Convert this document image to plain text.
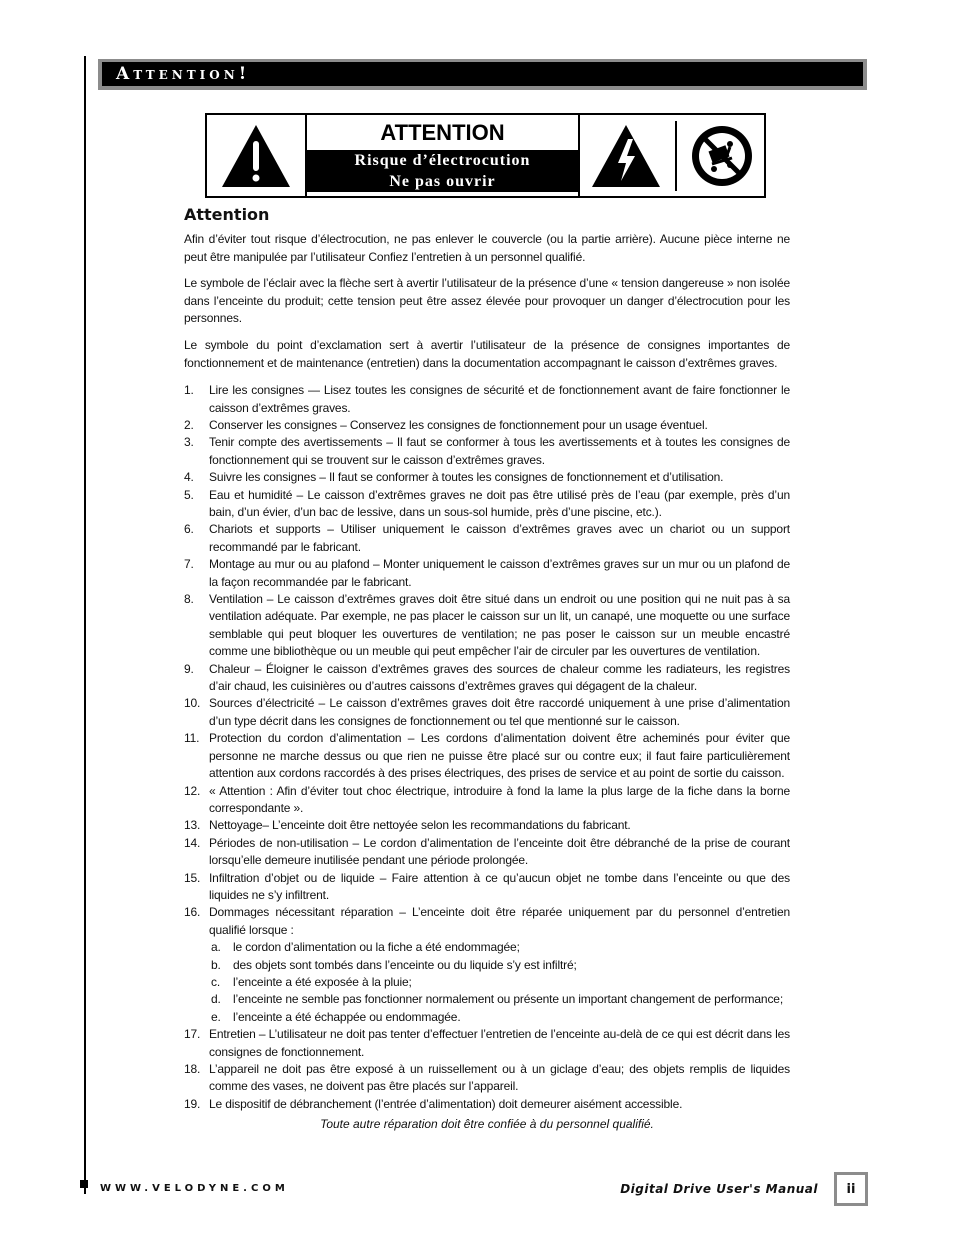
Attention!
ATTENTION
Risque d’électrocution
Ne pas ouvrir
Attention

Afin d’éviter tout risque d’électrocution, ne pas enlever le couvercle (ou la partie arrière). Aucune pièce interne ne peut être manipulée par l’utilisateur Confiez l’entretien à un personnel qualifié.

Le symbole de l’éclair avec la flèche sert à avertir l’utilisateur de la présence d’une « tension dangereuse » non isolée dans l’enceinte du produit; cette tension peut être assez élevée pour provoquer un danger d’électrocution pour les personnes.

Le symbole du point d’exclamation sert à avertir l’utilisateur de la présence de consignes importantes de fonctionnement et de maintenance (entretien) dans la documentation accompagnant le caisson d’extrêmes graves.

1.	Lire les consignes — Lisez toutes les consignes de sécurité et de fonctionnement avant de faire fonctionner le caisson d’extrêmes graves.
2.	Conserver les consignes – Conservez les consignes de fonctionnement pour un usage éventuel.
3.	Tenir compte des avertissements – Il faut se conformer à tous les avertissements et à toutes les consignes de fonctionnement qui se trouvent sur le caisson d’extrêmes graves.
4.	Suivre les consignes – Il faut se conformer à toutes les consignes de fonctionnement et d’utilisation.
5.	Eau et humidité – Le caisson d’extrêmes graves ne doit pas être utilisé près de l’eau (par exemple, près d’un bain, d’un évier, d’un bac de lessive, dans un sous-sol humide, près d’une piscine, etc.).
6.	Chariots et supports – Utiliser uniquement le caisson d’extrêmes graves avec un chariot ou un support recommandé par le fabricant.
7.	Montage au mur ou au plafond – Monter uniquement le caisson d’extrêmes graves sur un mur ou un plafond de la façon recommandée par le fabricant.
8.	Ventilation – Le caisson d’extrêmes graves doit être situé dans un endroit ou une position qui ne nuit pas à sa ventilation adéquate. Par exemple, ne pas placer le caisson sur un lit, un canapé, une moquette ou une surface semblable qui peut bloquer les ouvertures de ventilation; ne pas poser le caisson sur un meuble encastré comme une bibliothèque ou un meuble qui peut empêcher l’air de circuler par les ouvertures de ventilation.
9.	Chaleur – Éloigner le caisson d’extrêmes graves des sources de chaleur comme les radiateurs, les registres d’air chaud, les cuisinières ou d’autres caissons d’extrêmes graves qui dégagent de la chaleur.
10. Sources d’électricité – Le caisson d’extrêmes graves doit être raccordé uniquement à une prise d’alimentation d’un type décrit dans les consignes de fonctionnement ou tel que mentionné sur le caisson.
11. Protection du cordon d’alimentation – Les cordons d’alimentation doivent être acheminés pour éviter que personne ne marche dessus ou que rien ne puisse être placé sur ou contre eux; il faut faire particulièrement attention aux cordons raccordés à des prises électriques, des prises de service et au point de sortie du caisson.
12. « Attention : Afin d’éviter tout choc électrique, introduire à fond la lame la plus large de la fiche dans la borne correspondante ».
13. Nettoyage– L’enceinte doit être nettoyée selon les recommandations du fabricant.
14. Périodes de non-utilisation – Le cordon d’alimentation de l’enceinte doit être débranché de la prise de courant lorsqu’elle demeure inutilisée pendant une période prolongée.
15. Infiltration d’objet ou de liquide – Faire attention à ce qu’aucun objet ne tombe dans l’enceinte ou que des liquides ne s’y infiltrent.
16. Dommages nécessitant réparation – L’enceinte doit être réparée uniquement par du personnel d’entretien qualifié lorsque :
a.	le cordon d’alimentation ou la fiche a été endommagée;
b.	des objets sont tombés dans l’enceinte ou du liquide s’y est infiltré;
c.	l’enceinte a été exposée à la pluie;
d.	l’enceinte ne semble pas fonctionner normalement ou présente un important changement de performance;
e.	l’enceinte a été échappée ou endommagée.
17. Entretien – L’utilisateur ne doit pas tenter d’effectuer l’entretien de l’enceinte au-delà de ce qui est décrit dans les consignes de fonctionnement.
18. L’appareil ne doit pas être exposé à un ruissellement ou à un giclage d’eau; des objets remplis de liquides comme des vases, ne doivent pas être placés sur l’appareil.
19. Le dispositif de débranchement (l’entrée d’alimentation) doit demeurer aisément accessible.
Toute autre réparation doit être confiée à du personnel qualifié.
WWW.VELODYNE.COM	Digital Drive User's Manual	ii
